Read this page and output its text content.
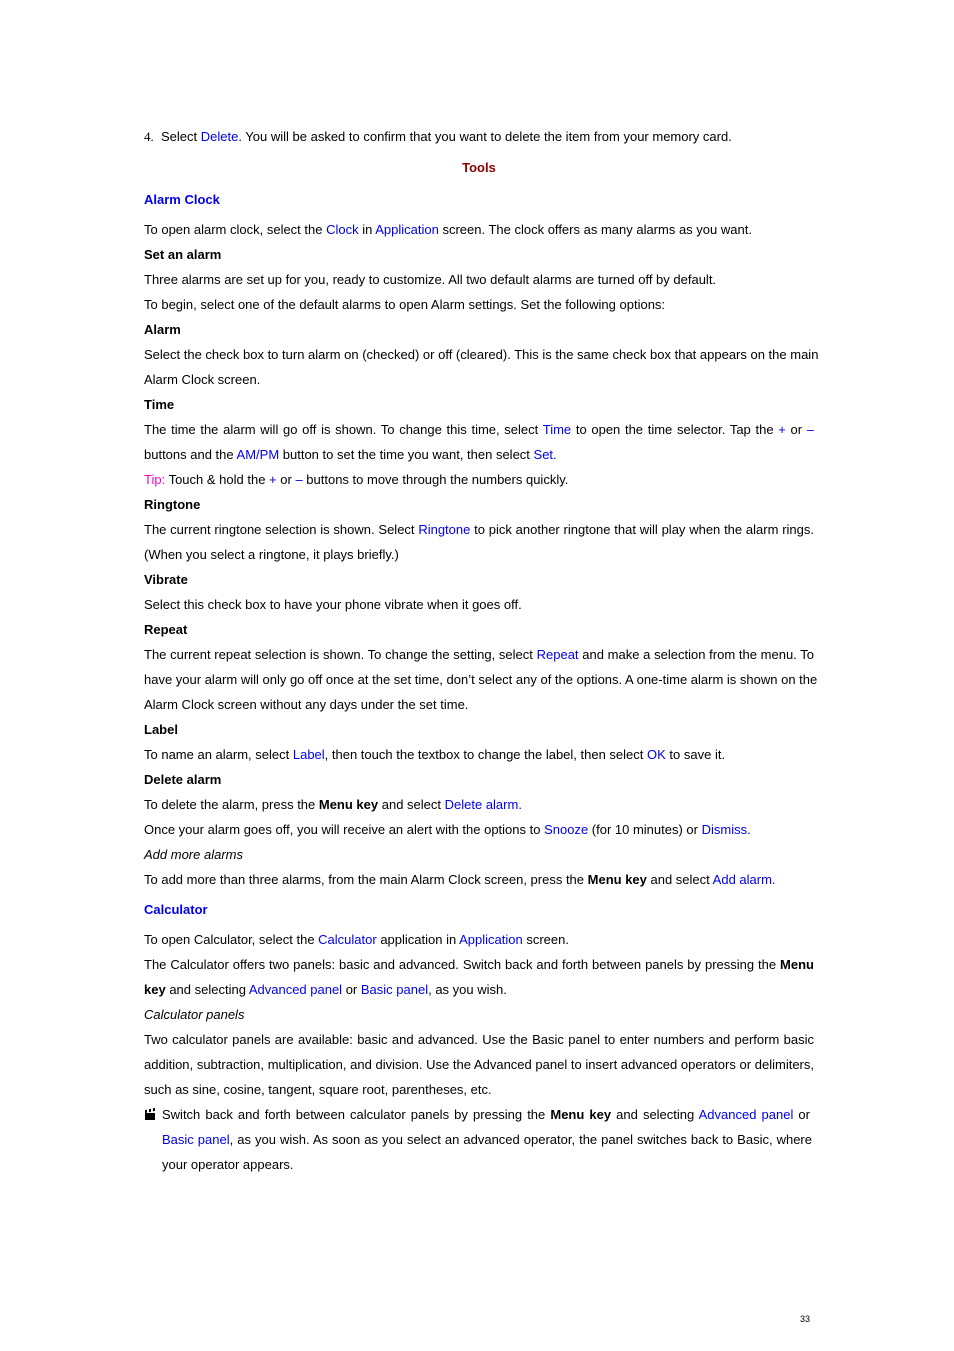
4. Select Delete. You will be asked to confirm that you want to delete the item from your memory card.
Tools
Alarm Clock
To open alarm clock, select the Clock in Application screen. The clock offers as many alarms as you want.
Set an alarm
Three alarms are set up for you, ready to customize. All two default alarms are turned off by default.
To begin, select one of the default alarms to open Alarm settings. Set the following options:
Alarm
Select the check box to turn alarm on (checked) or off (cleared). This is the same check box that appears on the main
Alarm Clock screen.
Time
The time the alarm will go off is shown. To change this time, select Time to open the time selector. Tap the + or –
buttons and the AM/PM button to set the time you want, then select Set.
Tip: Touch & hold the + or – buttons to move through the numbers quickly.
Ringtone
The current ringtone selection is shown. Select Ringtone to pick another ringtone that will play when the alarm rings.
(When you select a ringtone, it plays briefly.)
Vibrate
Select this check box to have your phone vibrate when it goes off.
Repeat
The current repeat selection is shown. To change the setting, select Repeat and make a selection from the menu. To
have your alarm will only go off once at the set time, don’t select any of the options. A one-time alarm is shown on the
Alarm Clock screen without any days under the set time.
Label
To name an alarm, select Label, then touch the textbox to change the label, then select OK to save it.
Delete alarm
To delete the alarm, press the Menu key and select Delete alarm.
Once your alarm goes off, you will receive an alert with the options to Snooze (for 10 minutes) or Dismiss.
Add more alarms
To add more than three alarms, from the main Alarm Clock screen, press the Menu key and select Add alarm.
Calculator
To open Calculator, select the Calculator application in Application screen.
The Calculator offers two panels: basic and advanced. Switch back and forth between panels by pressing the Menu
key and selecting Advanced panel or Basic panel, as you wish.
Calculator panels
Two calculator panels are available: basic and advanced. Use the Basic panel to enter numbers and perform basic
addition, subtraction, multiplication, and division. Use the Advanced panel to insert advanced operators or delimiters,
such as sine, cosine, tangent, square root, parentheses, etc.
Switch back and forth between calculator panels by pressing the Menu key and selecting Advanced panel or
Basic panel, as you wish. As soon as you select an advanced operator, the panel switches back to Basic, where
your operator appears.
33
